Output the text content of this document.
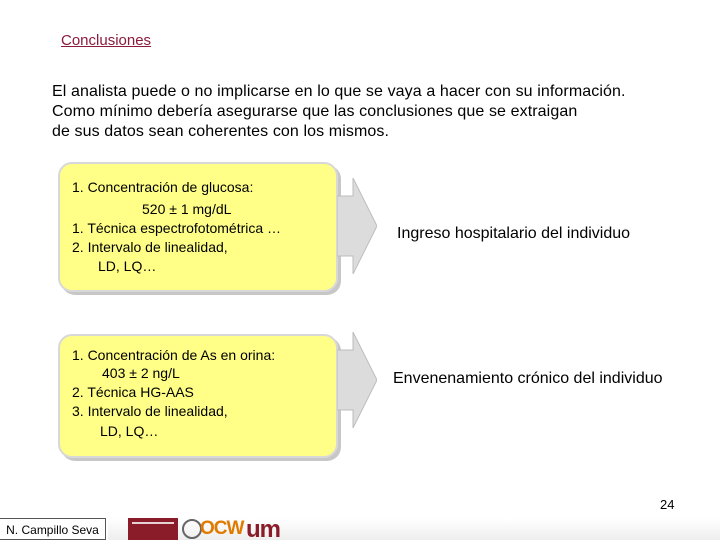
Conclusiones
El analista puede o no implicarse en lo que se vaya a hacer con su información.
Como mínimo debería asegurarse que las conclusiones que se extraigan
de sus datos sean coherentes con los mismos.
1. Concentración de glucosa:
520 ± 1 mg/dL
1. Técnica espectrofotométrica …
2. Intervalo de linealidad,
LD, LQ…
Ingreso hospitalario del individuo
1. Concentración de As en orina:
403 ± 2 ng/L
2. Técnica HG-AAS
3. Intervalo de linealidad,
LD, LQ…
Envenenamiento crónico del individuo
24
N. Campillo Seva	OCW um
